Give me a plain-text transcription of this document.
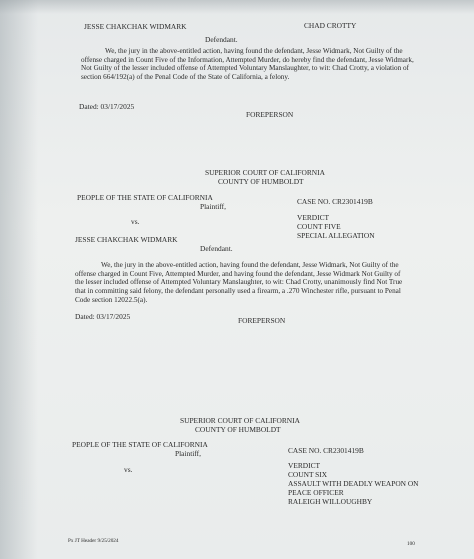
JESSE CHAKCHAK WIDMARK	CHAD CROTTY
Defendant.
We, the jury in the above-entitled action, having found the defendant, Jesse Widmark, Not Guilty of the
offense charged in Count Five of the Information, Attempted Murder, do hereby find the defendant, Jesse Widmark,
Not Guilty of the lesser included offense of Attempted Voluntary Manslaughter, to wit: Chad Crotty, a violation of
section 664/192(a) of the Penal Code of the State of California, a felony.
Dated: 03/17/2025
FOREPERSON
SUPERIOR COURT OF CALIFORNIA
COUNTY OF HUMBOLDT
PEOPLE OF THE STATE OF CALIFORNIA
Plaintiff,
CASE NO. CR2301419B
vs.	VERDICT
COUNT FIVE
SPECIAL ALLEGATION
JESSE CHAKCHAK WIDMARK
Defendant.
We, the jury in the above-entitled action, having found the defendant, Jesse Widmark, Not Guilty of the
offense charged in Count Five, Attempted Murder, and having found the defendant, Jesse Widmark Not Guilty of
the lesser included offense of Attempted Voluntary Manslaughter, to wit: Chad Crotty, unanimously find Not True
that in committing said felony, the defendant personally used a firearm, a .270 Winchester rifle, pursuant to Penal
Code section 12022.5(a).
Dated: 03/17/2025	FOREPERSON
SUPERIOR COURT OF CALIFORNIA
COUNTY OF HUMBOLDT
PEOPLE OF THE STATE OF CALIFORNIA
Plaintiff,	CASE NO. CR2301419B
vs.	VERDICT
COUNT SIX
ASSAULT WITH DEADLY WEAPON ON
PEACE OFFICER
RALEIGH WILLOUGHBY
Px JT Header 9/25/2024	100
